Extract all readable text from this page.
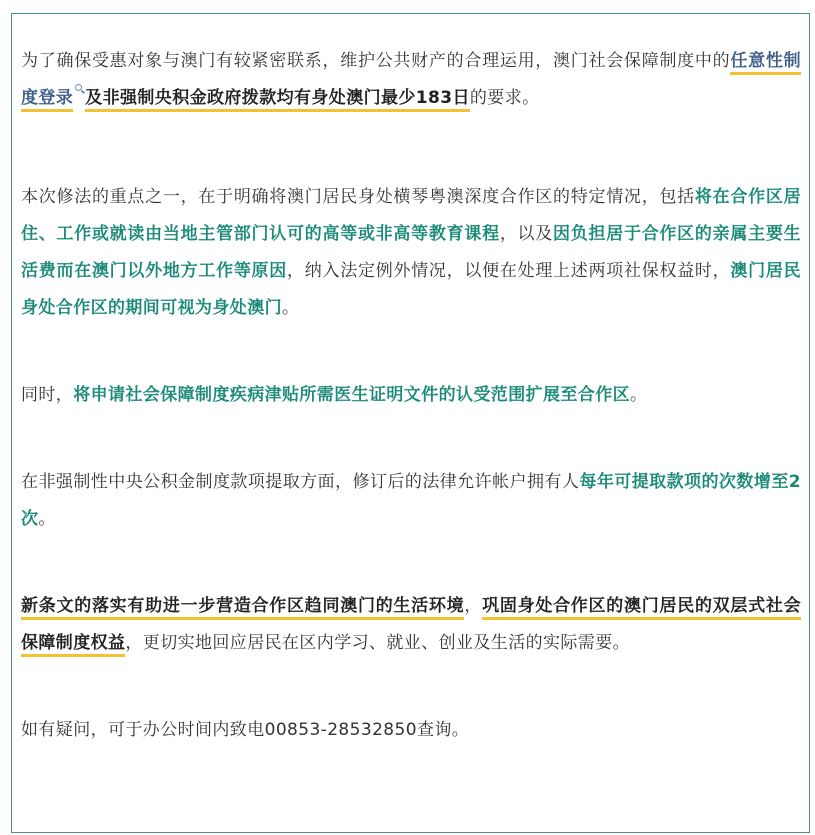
为了确保受惠对象与澳门有较紧密联系，维护公共财产的合理运用，澳门社会保障制度中的任意性制度登录 及非强制央积金政府拨款均有身处澳门最少183日的要求。

本次修法的重点之一，在于明确将澳门居民身处横琴粤澳深度合作区的特定情况，包括将在合作区居住、工作或就读由当地主管部门认可的高等或非高等教育课程，以及因负担居于合作区的亲属主要生活费而在澳门以外地方工作等原因，纳入法定例外情况，以便在处理上述两项社保权益时，澳门居民身处合作区的期间可视为身处澳门。

同时，将申请社会保障制度疾病津贴所需医生证明文件的认受范围扩展至合作区。

在非强制性中央公积金制度款项提取方面，修订后的法律允许帐户拥有人每年可提取款项的次数增至2次。

新条文的落实有助进一步营造合作区趋同澳门的生活环境，巩固身处合作区的澳门居民的双层式社会保障制度权益，更切实地回应居民在区内学习、就业、创业及生活的实际需要。

如有疑问，可于办公时间内致电00853-28532850查询。
